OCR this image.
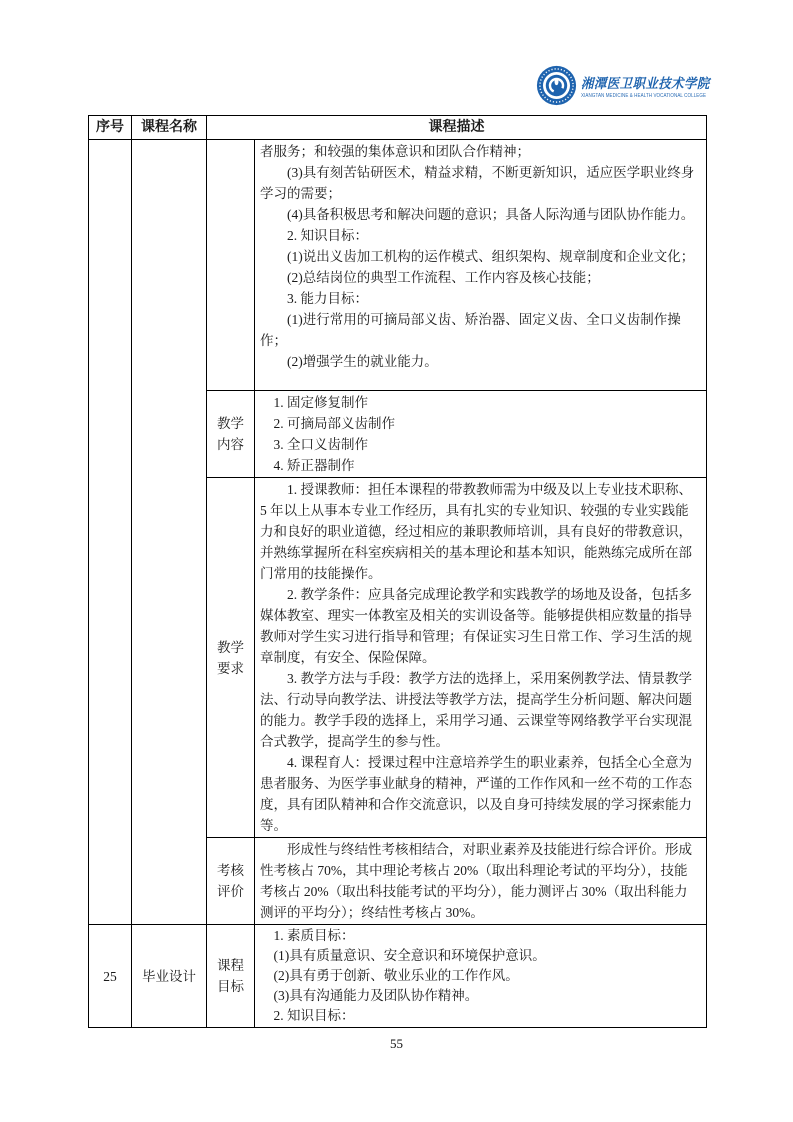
湘潭医卫职业技术学院
XIANGTAN MEDICINE & HEALTH VOCATIONAL COLLEGE
序号	课程名称	课程描述	

者服务；和较强的集体意识和团队合作精神；

(3)具有刻苦钻研医术，精益求精，不断更新知识，适应医学职业终身学习的需要；

(4)具备积极思考和解决问题的意识；具备人际沟通与团队协作能力。

2. 知识目标：

(1)说出义齿加工机构的运作模式、组织架构、规章制度和企业文化；

(2)总结岗位的典型工作流程、工作内容及核心技能；

3. 能力目标：

(1)进行常用的可摘局部义齿、矫治器、固定义齿、全口义齿制作操作；

(2)增强学生的就业能力。

		教学内容	1. 固定修复制作

2. 可摘局部义齿制作

3. 全口义齿制作

4. 矫正器制作

		教学要求	1. 授课教师：担任本课程的带教教师需为中级及以上专业技术职称、5 年以上从事本专业工作经历，具有扎实的专业知识、较强的专业实践能力和良好的职业道德，经过相应的兼职教师培训，具有良好的带教意识，并熟练掌握所在科室疾病相关的基本理论和基本知识，能熟练完成所在部门常用的技能操作。

2. 教学条件：应具备完成理论教学和实践教学的场地及设备，包括多媒体教室、理实一体教室及相关的实训设备等。能够提供相应数量的指导教师对学生实习进行指导和管理；有保证实习生日常工作、学习生活的规章制度，有安全、保险保障。

3. 教学方法与手段：教学方法的选择上，采用案例教学法、情景教学法、行动导向教学法、讲授法等教学方法，提高学生分析问题、解决问题的能力。教学手段的选择上，采用学习通、云课堂等网络教学平台实现混合式教学，提高学生的参与性。

4. 课程育人：授课过程中注意培养学生的职业素养，包括全心全意为患者服务、为医学事业献身的精神，严谨的工作作风和一丝不苟的工作态度，具有团队精神和合作交流意识，以及自身可持续发展的学习探索能力等。

		考核评价	形成性与终结性考核相结合，对职业素养及技能进行综合评价。形成性考核占 70%，其中理论考核占 20%（取出科理论考试的平均分），技能考核占 20%（取出科技能考试的平均分），能力测评占 30%（取出科能力测评的平均分）；终结性考核占 30%。

25	毕业设计	课程目标	1. 素质目标：

(1)具有质量意识、安全意识和环境保护意识。

(2)具有勇于创新、敬业乐业的工作作风。

(3)具有沟通能力及团队协作精神。

2. 知识目标：

55
